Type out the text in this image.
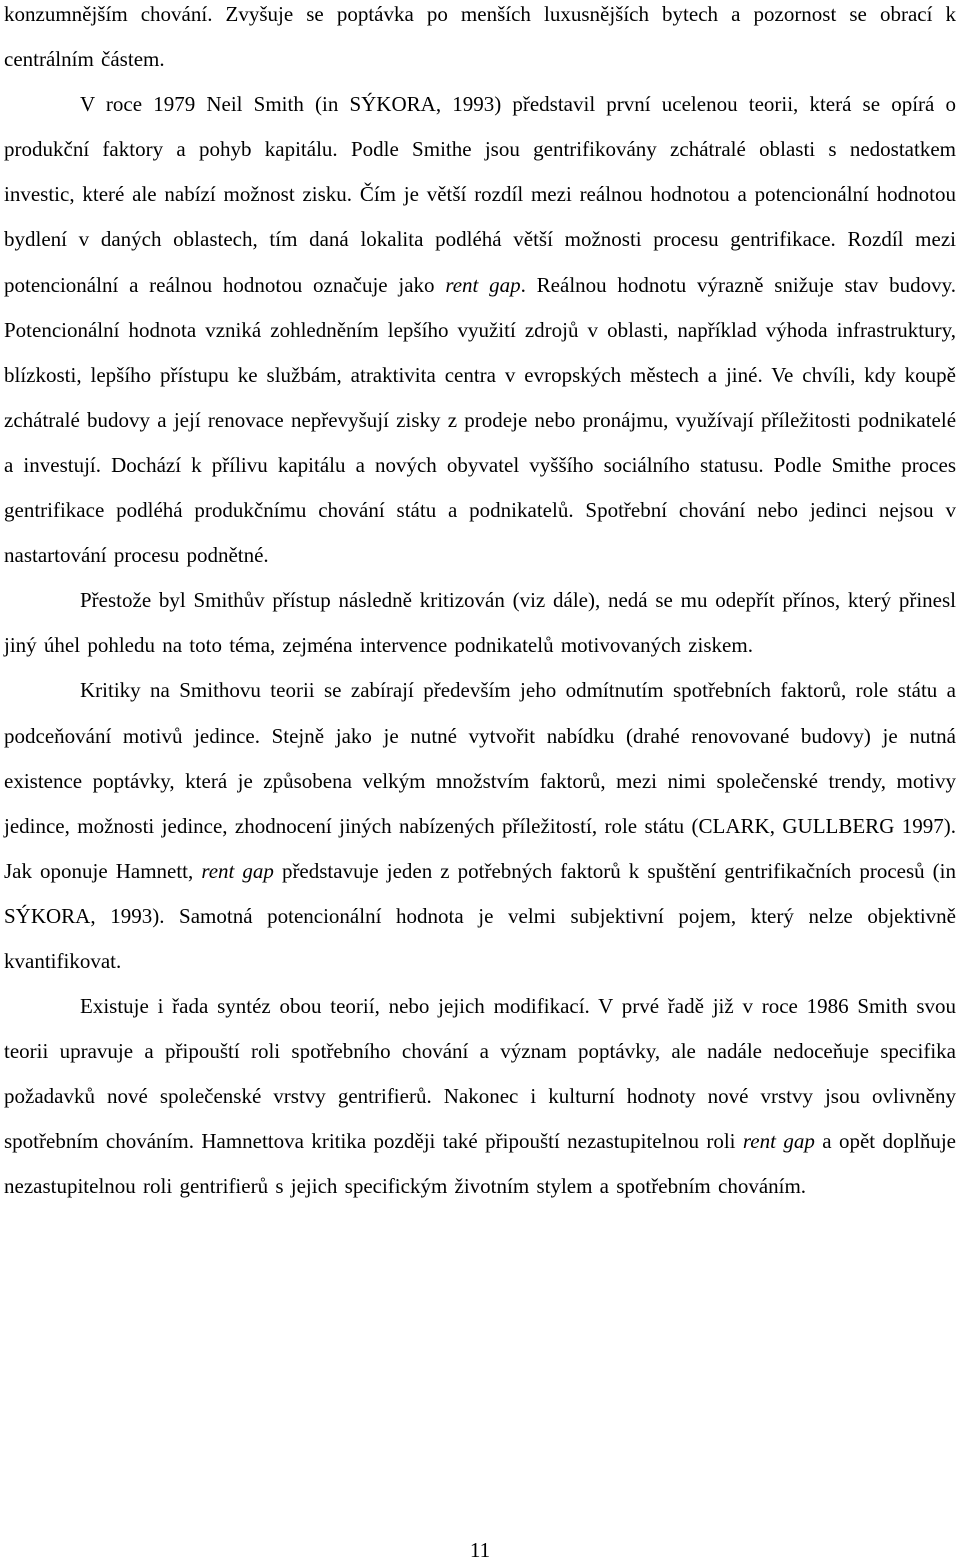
konzumnějším chování. Zvyšuje se poptávka po menších luxusnějších bytech a pozornost se obrací k centrálním částem.

V roce 1979 Neil Smith (in SÝKORA, 1993) představil první ucelenou teorii, která se opírá o produkční faktory a pohyb kapitálu. Podle Smithe jsou gentrifikovány zchátralé oblasti s nedostatkem investic, které ale nabízí možnost zisku. Čím je větší rozdíl mezi reálnou hodnotou a potencionální hodnotou bydlení v daných oblastech, tím daná lokalita podléhá větší možnosti procesu gentrifikace. Rozdíl mezi potencionální a reálnou hodnotou označuje jako rent gap. Reálnou hodnotu výrazně snižuje stav budovy. Potencionální hodnota vzniká zohledněním lepšího využití zdrojů v oblasti, například výhoda infrastruktury, blízkosti, lepšího přístupu ke službám, atraktivita centra v evropských městech a jiné. Ve chvíli, kdy koupě zchátralé budovy a její renovace nepřevyšují zisky z prodeje nebo pronájmu, využívají příležitosti podnikatelé a investují. Dochází k přílivu kapitálu a nových obyvatel vyššího sociálního statusu. Podle Smithe proces gentrifikace podléhá produkčnímu chování státu a podnikatelů. Spotřební chování nebo jedinci nejsou v nastartování procesu podnětné.

Přestože byl Smithův přístup následně kritizován (viz dále), nedá se mu odepřít přínos, který přinesl jiný úhel pohledu na toto téma, zejména intervence podnikatelů motivovaných ziskem.

Kritiky na Smithovu teorii se zabírají především jeho odmítnutím spotřebních faktorů, role státu a podceňování motivů jedince. Stejně jako je nutné vytvořit nabídku (drahé renovované budovy) je nutná existence poptávky, která je způsobena velkým množstvím faktorů, mezi nimi společenské trendy, motivy jedince, možnosti jedince, zhodnocení jiných nabízených příležitostí, role státu (CLARK, GULLBERG 1997). Jak oponuje Hamnett, rent gap představuje jeden z potřebných faktorů k spuštění gentrifikačních procesů (in SÝKORA, 1993). Samotná potencionální hodnota je velmi subjektivní pojem, který nelze objektivně kvantifikovat.

Existuje i řada syntéz obou teorií, nebo jejich modifikací. V prvé řadě již v roce 1986 Smith svou teorii upravuje a připouští roli spotřebního chování a význam poptávky, ale nadále nedoceňuje specifika požadavků nové společenské vrstvy gentrifierů. Nakonec i kulturní hodnoty nové vrstvy jsou ovlivněny spotřebním chováním. Hamnettova kritika později také připouští nezastupitelnou roli rent gap a opět doplňuje nezastupitelnou roli gentrifierů s jejich specifickým životním stylem a spotřebním chováním.

11
